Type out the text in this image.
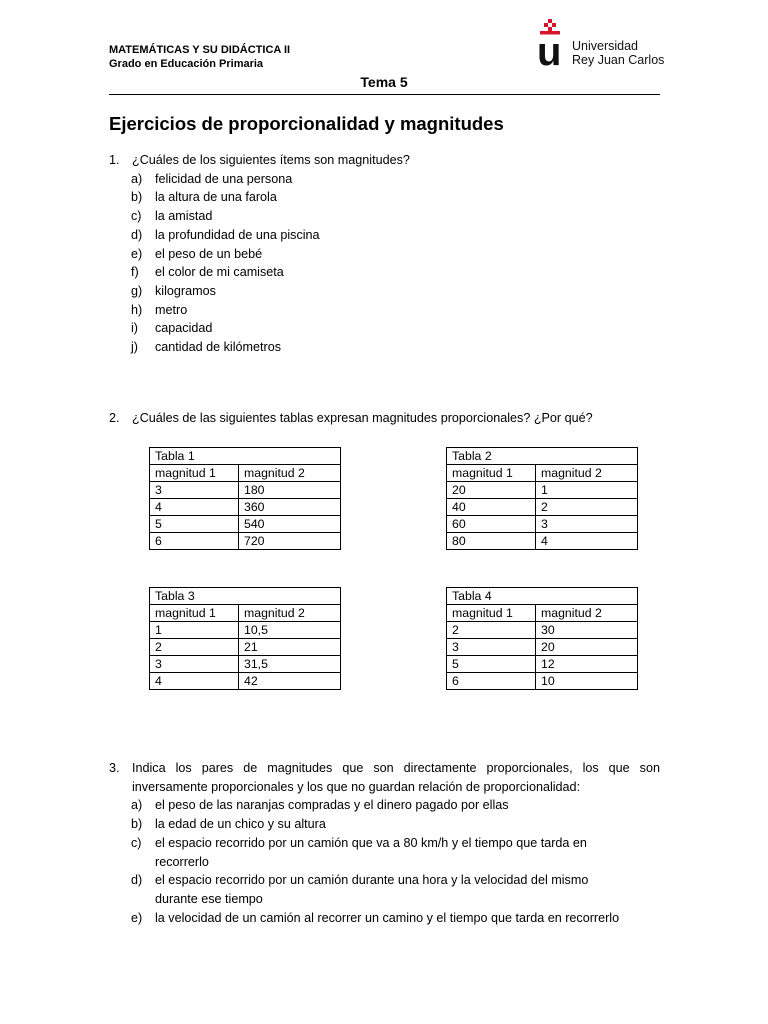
MATEMÁTICAS Y SU DIDÁCTICA II
Grado en Educación Primaria	u Universidad
Rey Juan Carlos
Tema 5
Ejercicios de proporcionalidad y magnitudes
1. ¿Cuáles de los siguientes ítems son magnitudes?
a) felicidad de una persona
b) la altura de una farola
c) la amistad
d) la profundidad de una piscina
e) el peso de un bebé
f) el color de mi camiseta
g) kilogramos
h) metro
i) capacidad
j) cantidad de kilómetros
2. ¿Cuáles de las siguientes tablas expresan magnitudes proporcionales? ¿Por qué?
Tabla 1	
magnitud 1	magnitud 2
3	180
4	360
5	540
6	720
Tabla 2	
magnitud 1	magnitud 2
20	1
40	2
60	3
80	4
Tabla 3	
magnitud 1	magnitud 2
1	10,5
2	21
3	31,5
4	42
Tabla 4	
magnitud 1	magnitud 2
2	30
3	20
5	12
6	10
3. Indica los pares de magnitudes que son directamente proporcionales, los que son
inversamente proporcionales y los que no guardan relación de proporcionalidad:
a) el peso de las naranjas compradas y el dinero pagado por ellas
b) la edad de un chico y su altura
c) el espacio recorrido por un camión que va a 80 km/h y el tiempo que tarda en recorrerlo
d) el espacio recorrido por un camión durante una hora y la velocidad del mismo durante ese tiempo
e) la velocidad de un camión al recorrer un camino y el tiempo que tarda en recorrerlo
